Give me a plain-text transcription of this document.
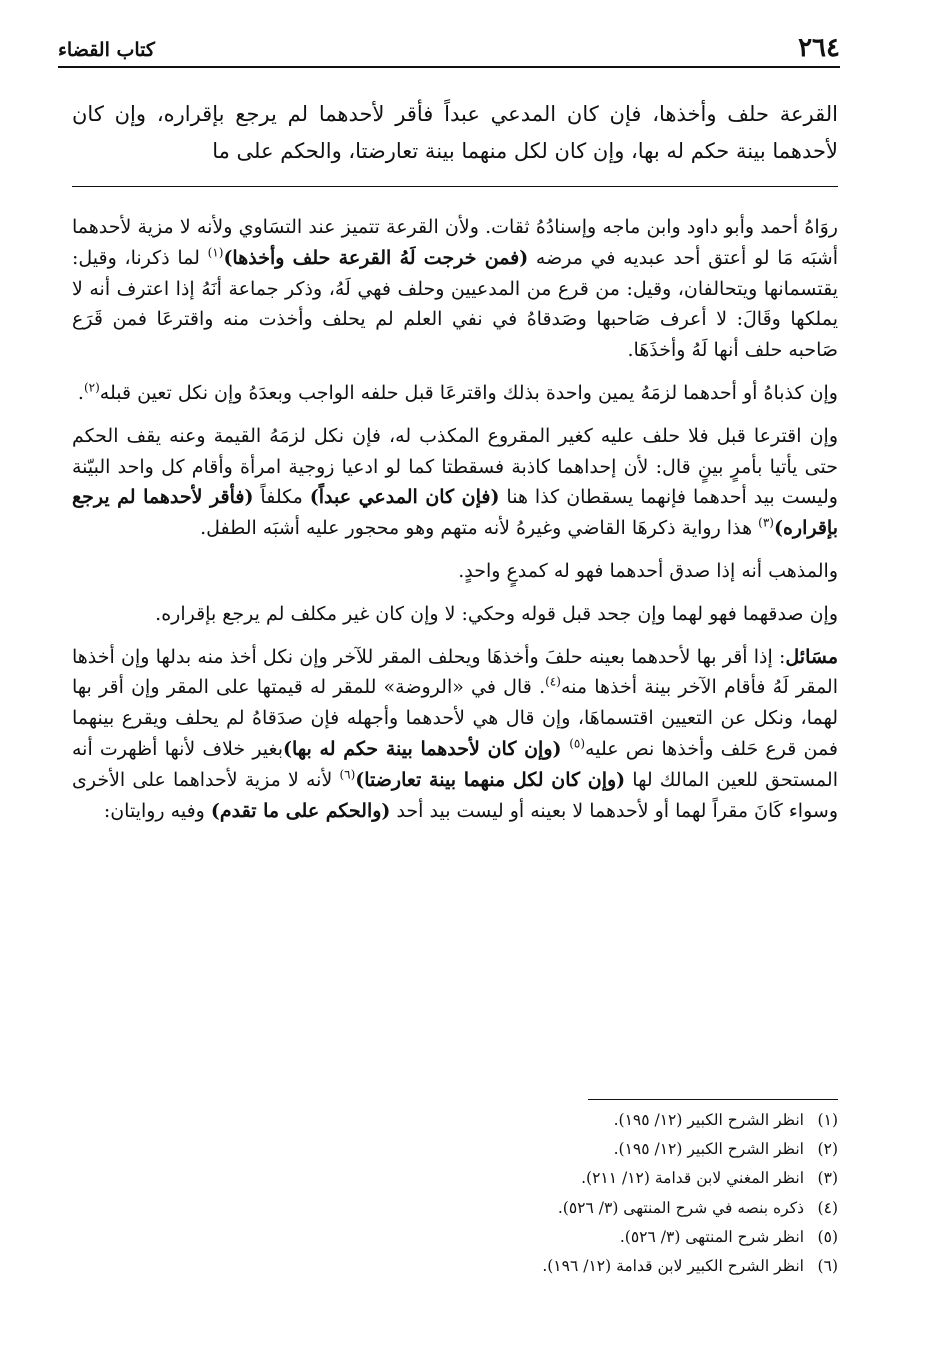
٢٦٤
كتاب القضاء
القرعة حلف وأخذها، فإن كان المدعي عبداً فأقر لأحدهما لم يرجع بإقراره، وإن كان لأحدهما بينة حكم له بها، وإن كان لكل منهما بينة تعارضتا، والحكم على ما

روَاهُ أحمد وأبو داود وابن ماجه وإسنادُهُ ثقات. ولأن القرعة تتميز عند التسَاوي ولأنه لا مزية لأحدهما أشبَه مَا لو أعتق أحد عبديه في مرضه (فمن خرجت لَهُ القرعة حلف وأخذها)$^{(١)}$ لما ذكرنا، وقيل: يقتسمانها ويتحالفان، وقيل: من قرع من المدعيين وحلف فهي لَهُ، وذكر جماعة أنَهُ إذا اعترف أنه لا يملكها وقَالَ: لا أعرف صَاحبها وصَدقاهُ في نفي العلم لم يحلف وأخذت منه واقترعَا فمن قَرَع صَاحبه حلف أنها لَهُ وأخذَهَا.

وإن كذباهُ أو أحدهما لزمَهُ يمين واحدة بذلك واقترعَا قبل حلفه الواجب وبعدَهُ وإن نكل تعين قبله$^{(٢)}$.

وإن اقترعا قبل فلا حلف عليه كغير المقروع المكذب له، فإن نكل لزمَهُ القيمة وعنه يقف الحكم حتى يأتيا بأمرٍ بينٍ قال: لأن إحداهما كاذبة فسقطتا كما لو ادعيا زوجية امرأة وأقام كل واحد البيّنة وليست بيد أحدهما فإنهما يسقطان كذا هنا (فإن كان المدعي عبداً) مكلفاً (فأقر لأحدهما لم يرجع بإقراره)$^{(٣)}$ هذا رواية ذكرهَا القاضي وغيرهُ لأنه متهم وهو محجور عليه أشبَه الطفل.

والمذهب أنه إذا صدق أحدهما فهو له كمدعٍ واحدٍ.

وإن صدقهما فهو لهما وإن جحد قبل قوله وحكي: لا وإن كان غير مكلف لم يرجع بإقراره.

مسَائل: إذا أقر بها لأحدهما بعينه حلفَ وأخذهَا ويحلف المقر للآخر وإن نكل أخذ منه بدلها وإن أخذها المقر لَهُ فأقام الآخر بينة أخذها منه$^{(٤)}$. قال في «الروضة» للمقر له قيمتها على المقر وإن أقر بها لهما، ونكل عن التعيين اقتسماهَا، وإن قال هي لأحدهما وأجهله فإن صدَقاهُ لم يحلف ويقرع بينهما فمن قرع حَلف وأخذها نص عليه$^{(٥)}$ (وإن كان لأحدهما بينة حكم له بها)بغير خلاف لأنها أظهرت أنه المستحق للعين المالك لها (وإن كان لكل منهما بينة تعارضتا)$^{(٦)}$ لأنه لا مزية لأحداهما على الأخرى وسواء كَانَ مقراً لهما أو لأحدهما لا بعينه أو ليست بيد أحد (والحكم على ما تقدم) وفيه روايتان:

(١)انظر الشرح الكبير (١٢/ ١٩٥).
(٢)انظر الشرح الكبير (١٢/ ١٩٥).
(٣)انظر المغني لابن قدامة (١٢/ ٢١١).
(٤)ذكره بنصه في شرح المنتهى (٣/ ٥٢٦).
(٥)انظر شرح المنتهى (٣/ ٥٢٦).
(٦)انظر الشرح الكبير لابن قدامة (١٢/ ١٩٦).
